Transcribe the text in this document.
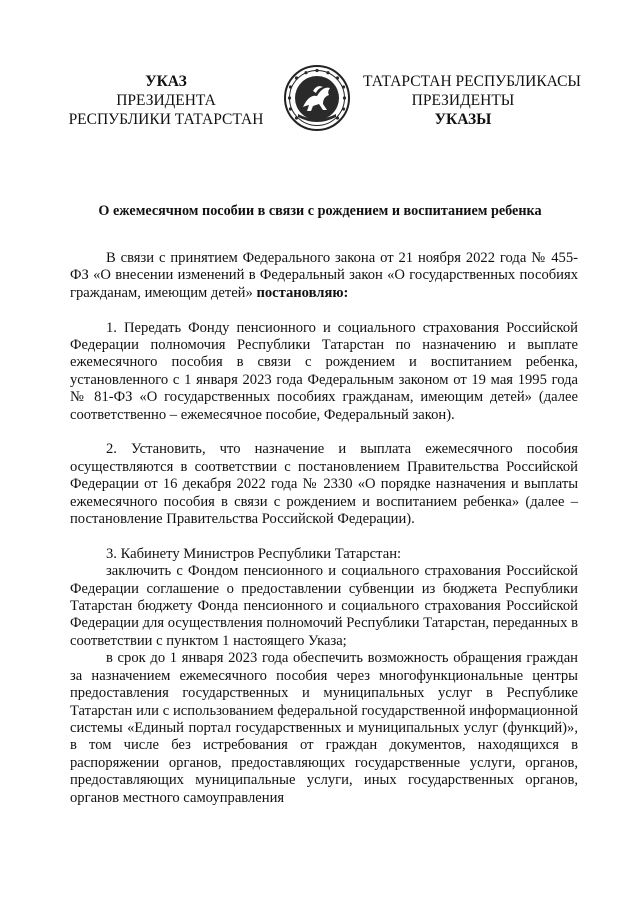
УКАЗ
ПРЕЗИДЕНТА
РЕСПУБЛИКИ ТАТАРСТАН
ТАТАРСТАН РЕСПУБЛИКАСЫ
ПРЕЗИДЕНТЫ
УКАЗЫ
О ежемесячном пособии в связи с рождением и воспитанием ребенка

В связи с принятием Федерального закона от 21 ноября 2022 года № 455-ФЗ «О внесении изменений в Федеральный закон «О государственных пособиях гражданам, имеющим детей» постановляю:

1. Передать Фонду пенсионного и социального страхования Российской Федерации полномочия Республики Татарстан по назначению и выплате ежемесячного пособия в связи с рождением и воспитанием ребенка, установленного с 1 января 2023 года Федеральным законом от 19 мая 1995 года № 81-ФЗ «О государственных пособиях гражданам, имеющим детей» (далее соответственно – ежемесячное пособие, Федеральный закон).

2. Установить, что назначение и выплата ежемесячного пособия осуществляются в соответствии с постановлением Правительства Российской Федерации от 16 декабря 2022 года № 2330 «О порядке назначения и выплаты ежемесячного пособия в связи с рождением и воспитанием ребенка» (далее – постановление Правительства Российской Федерации).

3. Кабинету Министров Республики Татарстан:

заключить с Фондом пенсионного и социального страхования Российской Федерации соглашение о предоставлении субвенции из бюджета Республики Татарстан бюджету Фонда пенсионного и социального страхования Российской Федерации для осуществления полномочий Республики Татарстан, переданных в соответствии с пунктом 1 настоящего Указа;

в срок до 1 января 2023 года обеспечить возможность обращения граждан за назначением ежемесячного пособия через многофункциональные центры предоставления государственных и муниципальных услуг в Республике Татарстан или с использованием федеральной государственной информационной системы «Единый портал государственных и муниципальных услуг (функций)», в том числе без истребования от граждан документов, находящихся в распоряжении органов, предоставляющих государственные услуги, органов, предоставляющих муниципальные услуги, иных государственных органов, органов местного самоуправления
